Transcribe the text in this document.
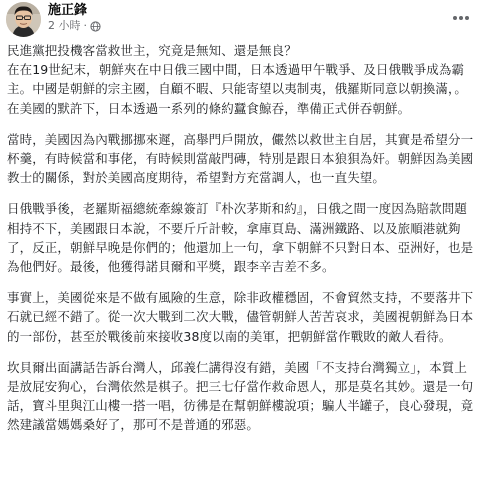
施正鋒
2 小時 ·

民進黨把投機客當救世主，究竟是無知、還是無良？
在在19世紀末，朝鮮夾在中日俄三國中間，日本透過甲午戰爭、及日俄戰爭成為霸主。中國是朝鮮的宗主國，自顧不暇、只能寄望以夷制夷，俄羅斯同意以朝換滿，。在美國的默許下，日本透過一系列的條約蠶食鯨吞，準備正式併吞朝鮮。

當時，美國因為內戰挪挪來遲，高舉門戶開放，儼然以救世主自居，其實是希望分一杯羹，有時候當和事佬，有時候則當敲門磚，特別是跟日本狼狽為奸。朝鮮因為美國教士的關係，對於美國高度期待，希望對方充當調人，也一直失望。

日俄戰爭後，老羅斯福總統牽線簽訂『朴次茅斯和約』，日俄之間一度因為賠款問題相持不下，美國跟日本說，不要斤斤計較，拿庫頁島、滿洲鐵路、以及旅順港就夠了，反正，朝鮮早晚是你們的；他還加上一句，拿下朝鮮不只對日本、亞洲好，也是為他們好。最後，他獲得諾貝爾和平獎，跟李辛吉差不多。

事實上，美國從來是不做有風險的生意，除非政權穩固，不會貿然支持，不要落井下石就已經不錯了。從一次大戰到二次大戰，儘管朝鮮人苦苦哀求，美國視朝鮮為日本的一部份，甚至於戰後前來接收38度以南的美軍，把朝鮮當作戰敗的敵人看待。

坎貝爾出面講話告訴台灣人，邱義仁講得沒有錯，美國「不支持台灣獨立」，本質上是放屁安狗心，台灣依然是棋子。把三七仔當作救命恩人，那是莫名其妙。還是一句話，寶斗里與江山樓一搭一唱，彷彿是在幫朝鮮樓說項；騙人半罐子，良心發現，竟然建議當媽媽桑好了，那可不是普通的邪惡。
